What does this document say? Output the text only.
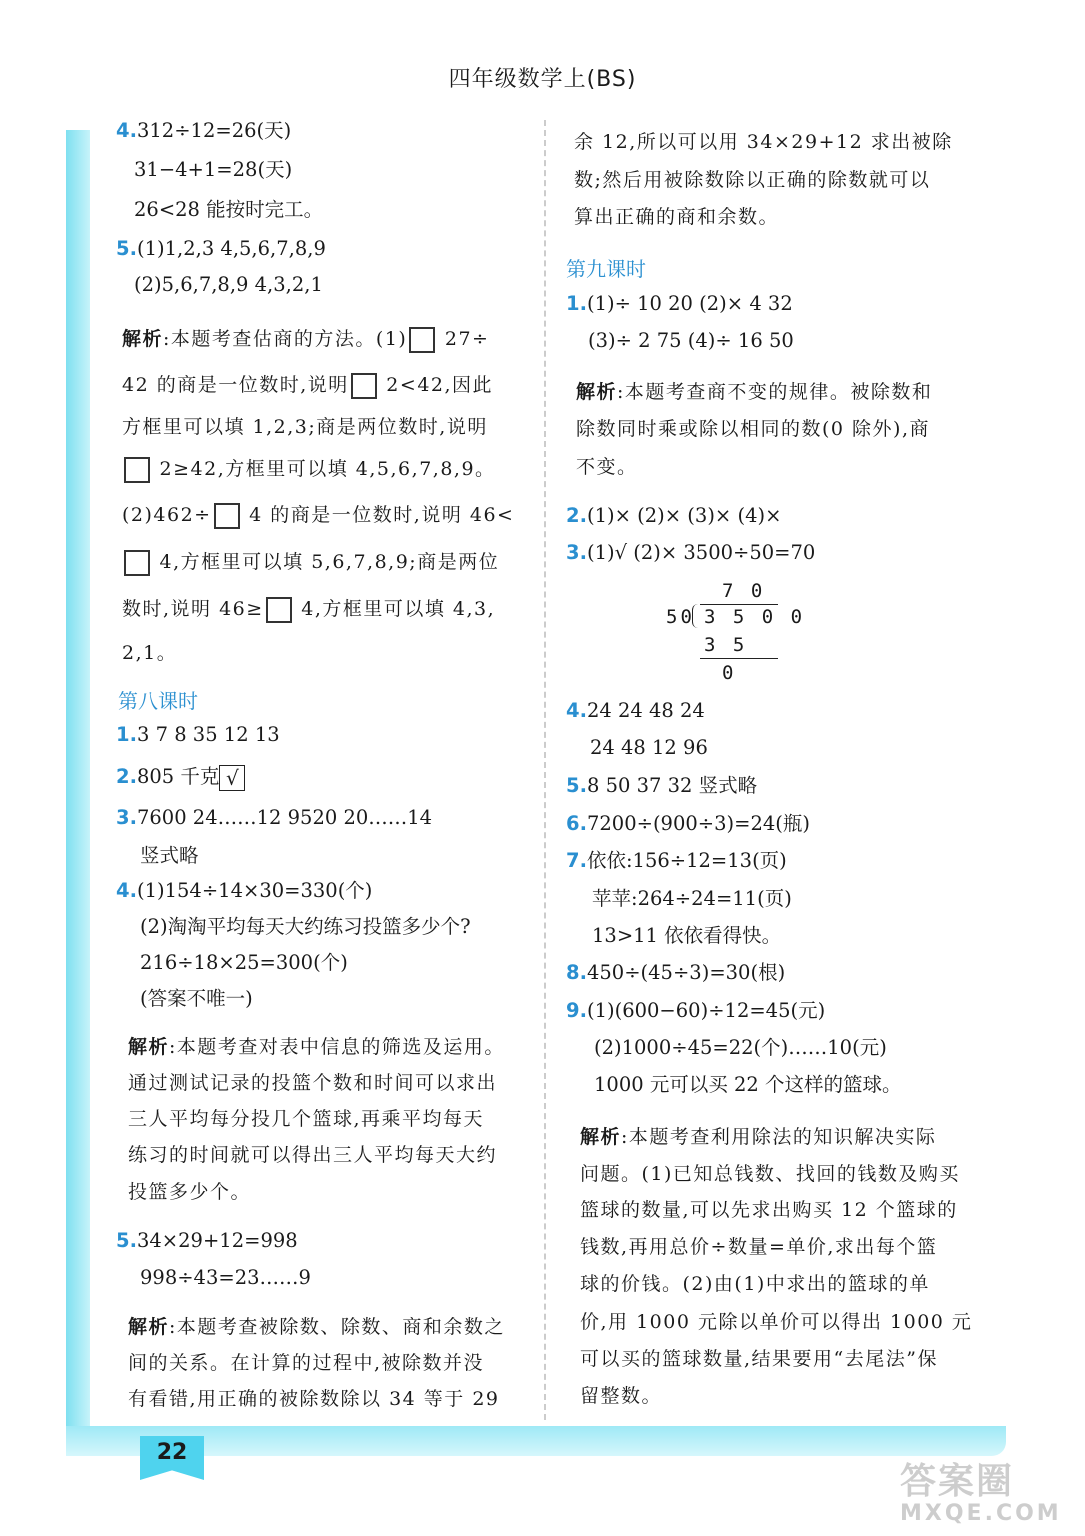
四年级数学上(BS)
4.312÷12=26(天)
31−4+1=28(天)
26<28 能按时完工。
5.(1)1,2,3 4,5,6,7,8,9
(2)5,6,7,8,9 4,3,2,1
解析:本题考查估商的方法。(1) 27÷
42 的商是一位数时,说明 2<42,因此
方框里可以填 1,2,3;商是两位数时,说明
2≥42,方框里可以填 4,5,6,7,8,9。
(2)462÷ 4 的商是一位数时,说明 46<
4,方框里可以填 5,6,7,8,9;商是两位
数时,说明 46≥ 4,方框里可以填 4,3,
2,1。
第八课时
1.3 7 8 35 12 13
2.805 千克 √
3.7600 24……12 9520 20……14
竖式略
4.(1)154÷14×30=330(个)
(2)淘淘平均每天大约练习投篮多少个?
216÷18×25=300(个)
(答案不唯一)
解析:本题考查对表中信息的筛选及运用。
通过测试记录的投篮个数和时间可以求出
三人平均每分投几个篮球,再乘平均每天
练习的时间就可以得出三人平均每天大约
投篮多少个。
5.34×29+12=998
998÷43=23……9
解析:本题考查被除数、除数、商和余数之
间的关系。在计算的过程中,被除数并没
有看错,用正确的被除数除以 34 等于 29
余 12,所以可以用 34×29+12 求出被除
数;然后用被除数除以正确的除数就可以
算出正确的商和余数。
第九课时
1.(1)÷ 10 20 (2)× 4 32
(3)÷ 2 75 (4)÷ 16 50
解析:本题考查商不变的规律。被除数和
除数同时乘或除以相同的数(0 除外),商
不变。
2.(1)× (2)× (3)× (4)×
3.(1)√ (2)× 3500÷50=70
7 0
50 3 5 0 0
3 5
0
4.24 24 48 24
24 48 12 96
5.8 50 37 32 竖式略
6.7200÷(900÷3)=24(瓶)
7.依依:156÷12=13(页)
苹苹:264÷24=11(页)
13>11 依依看得快。
8.450÷(45÷3)=30(根)
9.(1)(600−60)÷12=45(元)
(2)1000÷45=22(个)……10(元)
1000 元可以买 22 个这样的篮球。
解析:本题考查利用除法的知识解决实际
问题。(1)已知总钱数、找回的钱数及购买
篮球的数量,可以先求出购买 12 个篮球的
钱数,再用总价÷数量=单价,求出每个篮
球的价钱。(2)由(1)中求出的篮球的单
价,用 1000 元除以单价可以得出 1000 元
可以买的篮球数量,结果要用“去尾法”保
留整数。
22
答案圈
MXQE.COM
